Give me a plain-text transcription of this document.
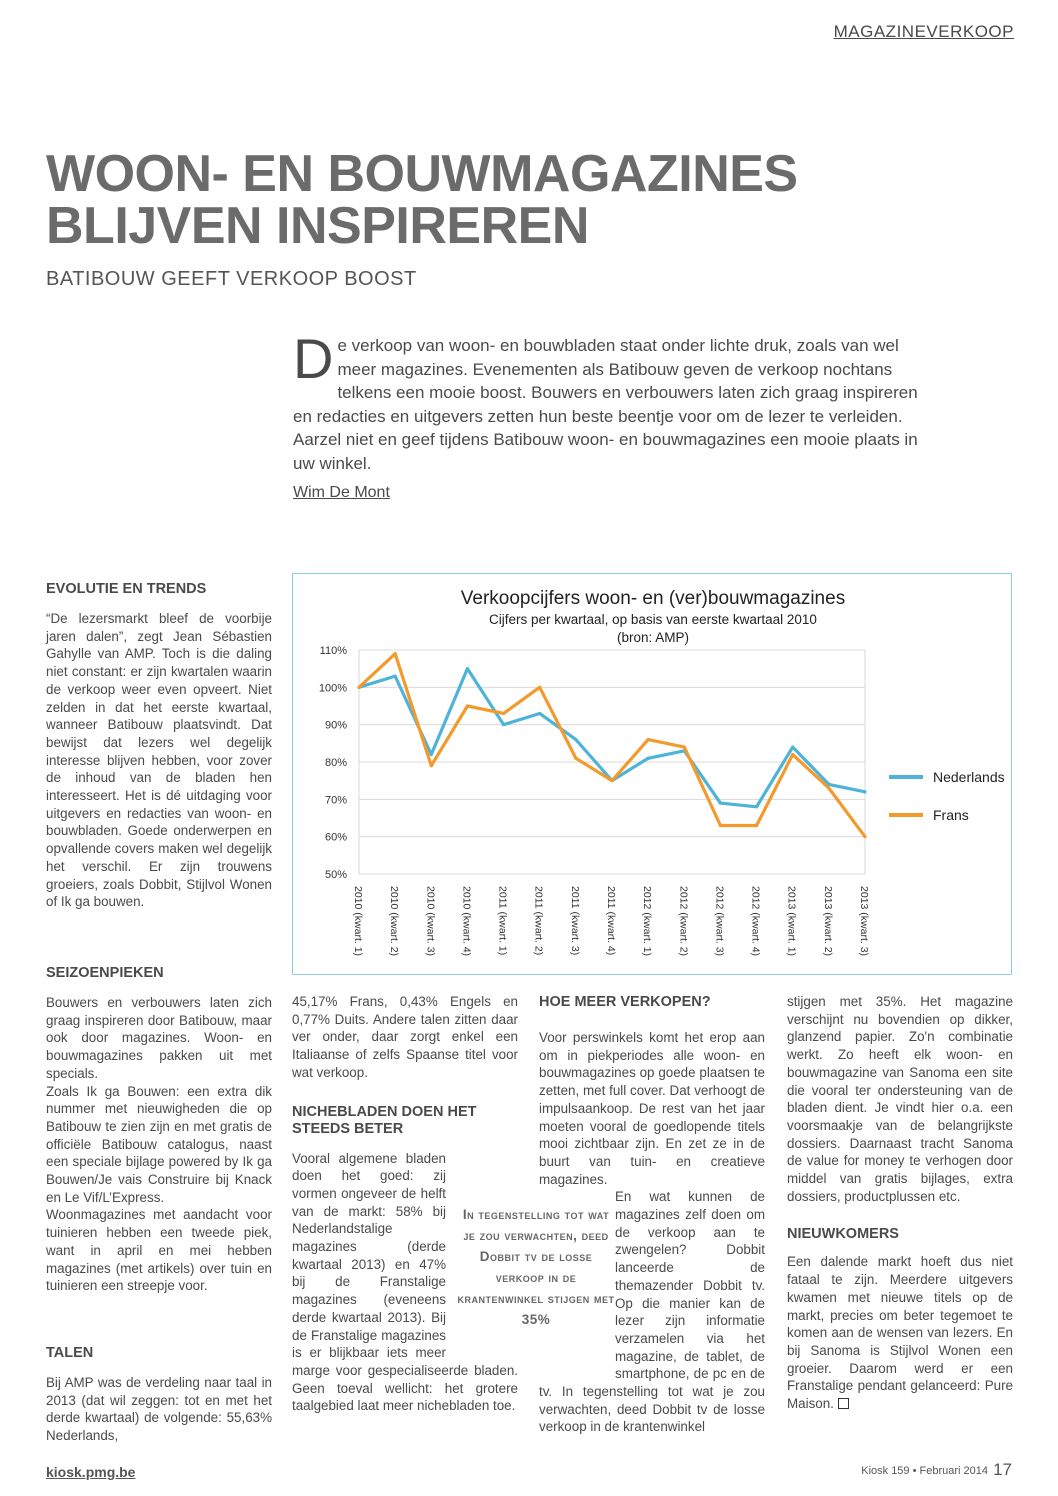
MAGAZINEVERKOOP
WOON- EN BOUWMAGAZINES
BLIJVEN INSPIREREN
BATIBOUW GEEFT VERKOOP BOOST

D e verkoop van woon- en bouwbladen staat onder lichte druk, zoals van wel meer magazines. Evenementen als Batibouw geven de verkoop nochtans telkens een mooie boost. Bouwers en verbouwers laten zich graag inspireren en redacties en uitgevers zetten hun beste beentje voor om de lezer te verleiden. Aarzel niet en geef tijdens Batibouw woon- en bouwmagazines een mooie plaats in uw winkel.

Wim De Mont
EVOLUTIE EN TRENDS

“De lezersmarkt bleef de voorbije jaren dalen”, zegt Jean Sébastien Gahylle van AMP. Toch is die daling niet constant: er zijn kwartalen waarin de verkoop weer even opveert. Niet zelden in dat het eerste kwartaal, wanneer Batibouw plaatsvindt. Dat bewijst dat lezers wel degelijk interesse blijven hebben, voor zover de inhoud van de bladen hen interesseert. Het is dé uitdaging voor uitgevers en redacties van woon- en bouwbladen. Goede onderwerpen en opvallende covers maken wel degelijk het verschil. Er zijn trouwens groeiers, zoals Dobbit, Stijlvol Wonen of Ik ga bouwen.

SEIZOENPIEKEN

Bouwers en verbouwers laten zich graag inspireren door Batibouw, maar ook door magazines. Woon- en bouwmagazines pakken uit met specials.

Zoals Ik ga Bouwen: een extra dik nummer met nieuwigheden die op Batibouw te zien zijn en met gratis de officiële Batibouw catalogus, naast een speciale bijlage powered by Ik ga Bouwen/Je vais Construire bij Knack en Le Vif/L’Express.

Woonmagazines met aandacht voor tuinieren hebben een tweede piek, want in april en mei hebben magazines (met artikels) over tuin en tuinieren een streepje voor.

TALEN

Bij AMP was de verdeling naar taal in 2013 (dat wil zeggen: tot en met het derde kwartaal) de volgende: 55,63% Nederlands,

Verkoopcijfers woon- en (ver)bouwmagazines
Cijfers per kwartaal, op basis van eerste kwartaal 2010
(bron: AMP)
50%
60%
70%
80%
90%
100%
110%
2010 (kwart. 1) 2010 (kwart. 2) 2010 (kwart. 3) 2010 (kwart. 4) 2011 (kwart. 1) 2011 (kwart. 2) 2011 (kwart. 3) 2011 (kwart. 4) 2012 (kwart. 1) 2012 (kwart. 2) 2012 (kwart. 3) 2012 (kwart. 4) 2013 (kwart. 1) 2013 (kwart. 2) 2013 (kwart. 3)
Nederlands
Frans

45,17% Frans, 0,43% Engels en 0,77% Duits. Andere talen zitten daar ver onder, daar zorgt enkel een Italiaanse of zelfs Spaanse titel voor wat verkoop.

NICHEBLADEN DOEN HET STEEDS BETER

Vooral algemene bladen doen het goed: zij vormen ongeveer de helft van de markt: 58% bij Nederlandstalige magazines (derde kwartaal 2013) en 47% bij de Franstalige magazines (eveneens derde kwartaal 2013). Bij de Franstalige magazines is er blijkbaar iets meer marge voor gespecialiseerde bladen. Geen toeval wellicht: het grotere taalgebied laat meer nichebladen toe.

In tegenstelling tot wat je zou verwachten, deed Dobbit tv de losse verkoop in de krantenwinkel stijgen met 35%
HOE MEER VERKOPEN?

Voor perswinkels komt het erop aan om in piekperiodes alle woon- en bouwmagazines op goede plaatsen te zetten, met full cover. Dat verhoogt de impulsaankoop. De rest van het jaar moeten vooral de goedlopende titels mooi zichtbaar zijn. En zet ze in de buurt van tuin- en creatieve magazines.

En wat kunnen de magazines zelf doen om de verkoop aan te zwengelen? Dobbit lanceerde de themazender Dobbit tv. Op die manier kan de lezer zijn informatie verzamelen via het magazine, de tablet, de smartphone, de pc en de tv. In tegenstelling tot wat je zou verwachten, deed Dobbit tv de losse verkoop in de krantenwinkel

stijgen met 35%. Het magazine verschijnt nu bovendien op dikker, glanzend papier. Zo'n combinatie werkt. Zo heeft elk woon- en bouwmagazine van Sanoma een site die vooral ter ondersteuning van de bladen dient. Je vindt hier o.a. een voorsmaakje van de belangrijkste dossiers. Daarnaast tracht Sanoma de value for money te verhogen door middel van gratis bijlages, extra dossiers, productplussen etc.

NIEUWKOMERS

Een dalende markt hoeft dus niet fataal te zijn. Meerdere uitgevers kwamen met nieuwe titels op de markt, precies om beter tegemoet te komen aan de wensen van lezers. En bij Sanoma is Stijlvol Wonen een groeier. Daarom werd er een Franstalige pendant gelanceerd: Pure Maison.

kiosk.pmg.be	Kiosk 159 • Februari 2014 17
